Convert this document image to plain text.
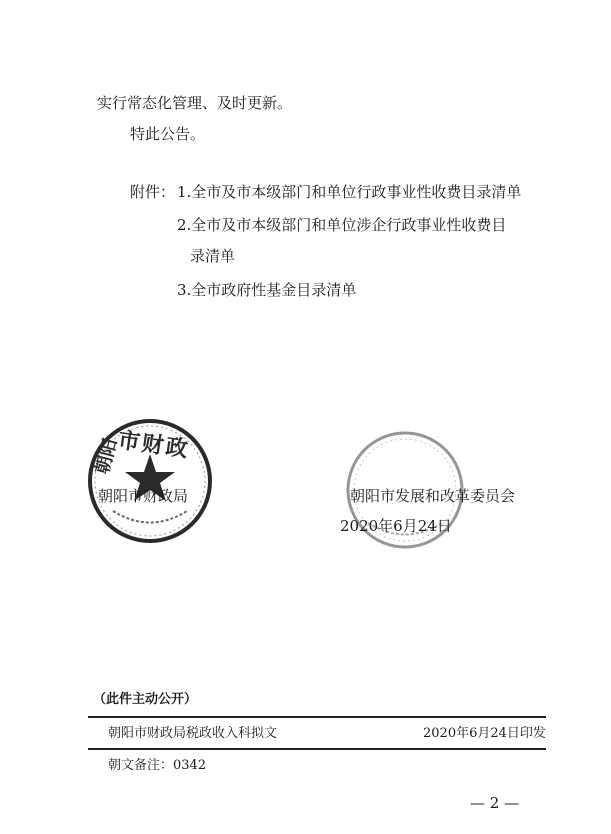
实行常态化管理、及时更新。
特此公告。
附件： 1.全市及市本级部门和单位行政事业性收费目录清单
2.全市及市本级部门和单位涉企行政事业性收费目
录清单
3.全市政府性基金目录清单
市财政
朝阳
朝阳市财政局	朝阳市发展和改革委员会
2020年6月24日
（此件主动公开）
朝阳市财政局税政收入科拟文	2020年6月24日印发
朝文备注：0342
— 2 —
